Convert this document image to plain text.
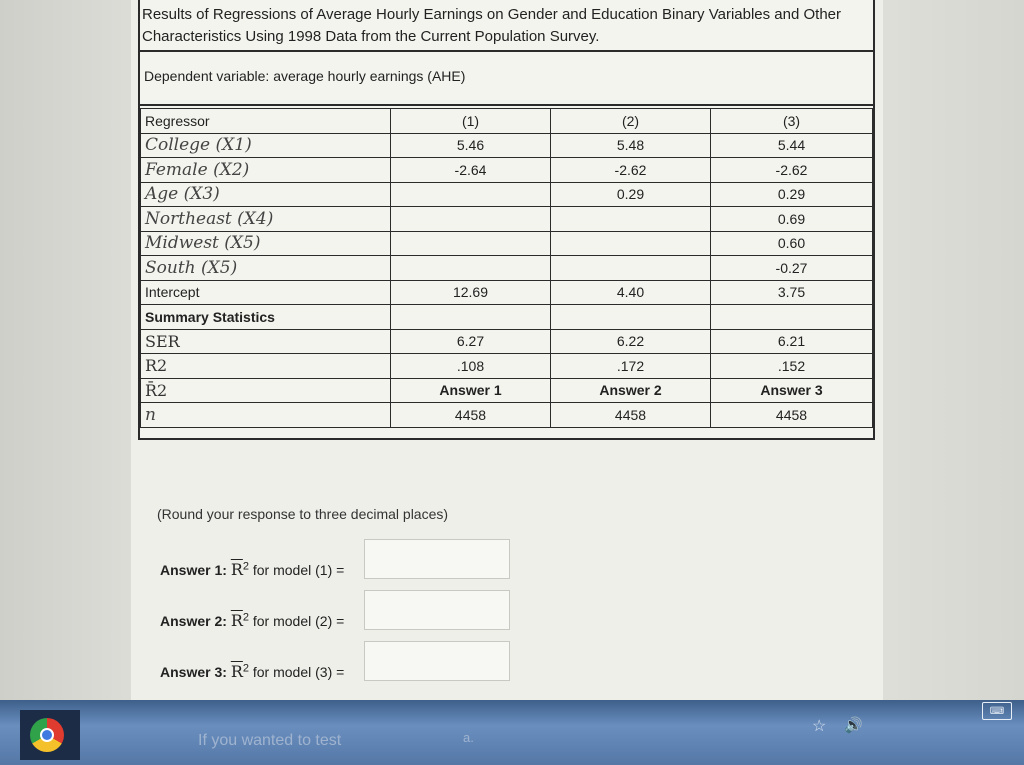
Results of Regressions of Average Hourly Earnings on Gender and Education Binary Variables and Other Characteristics Using 1998 Data from the Current Population Survey.
Dependent variable: average hourly earnings (AHE)
Regressor	(1)	(2)	(3)
College (X1)	5.46	5.48	5.44
Female (X2)	-2.64	-2.62	-2.62
Age (X3)		0.29	0.29
Northeast (X4)			0.69
Midwest (X5)			0.60
South (X5)			-0.27
Intercept	12.69	4.40	3.75
Summary Statistics			
SER	6.27	6.22	6.21
R2	.108	.172	.152
R̄2	Answer 1	Answer 2	Answer 3
n	4458	4458	4458
(Round your response to three decimal places)
Answer 1: $\overline{R}^2$ for model (1) =
Answer 2: $\overline{R}^2$ for model (2) =
Answer 3: $\overline{R}^2$ for model (3) =
If you wanted to test	a.
☆ 🔊
⌨
